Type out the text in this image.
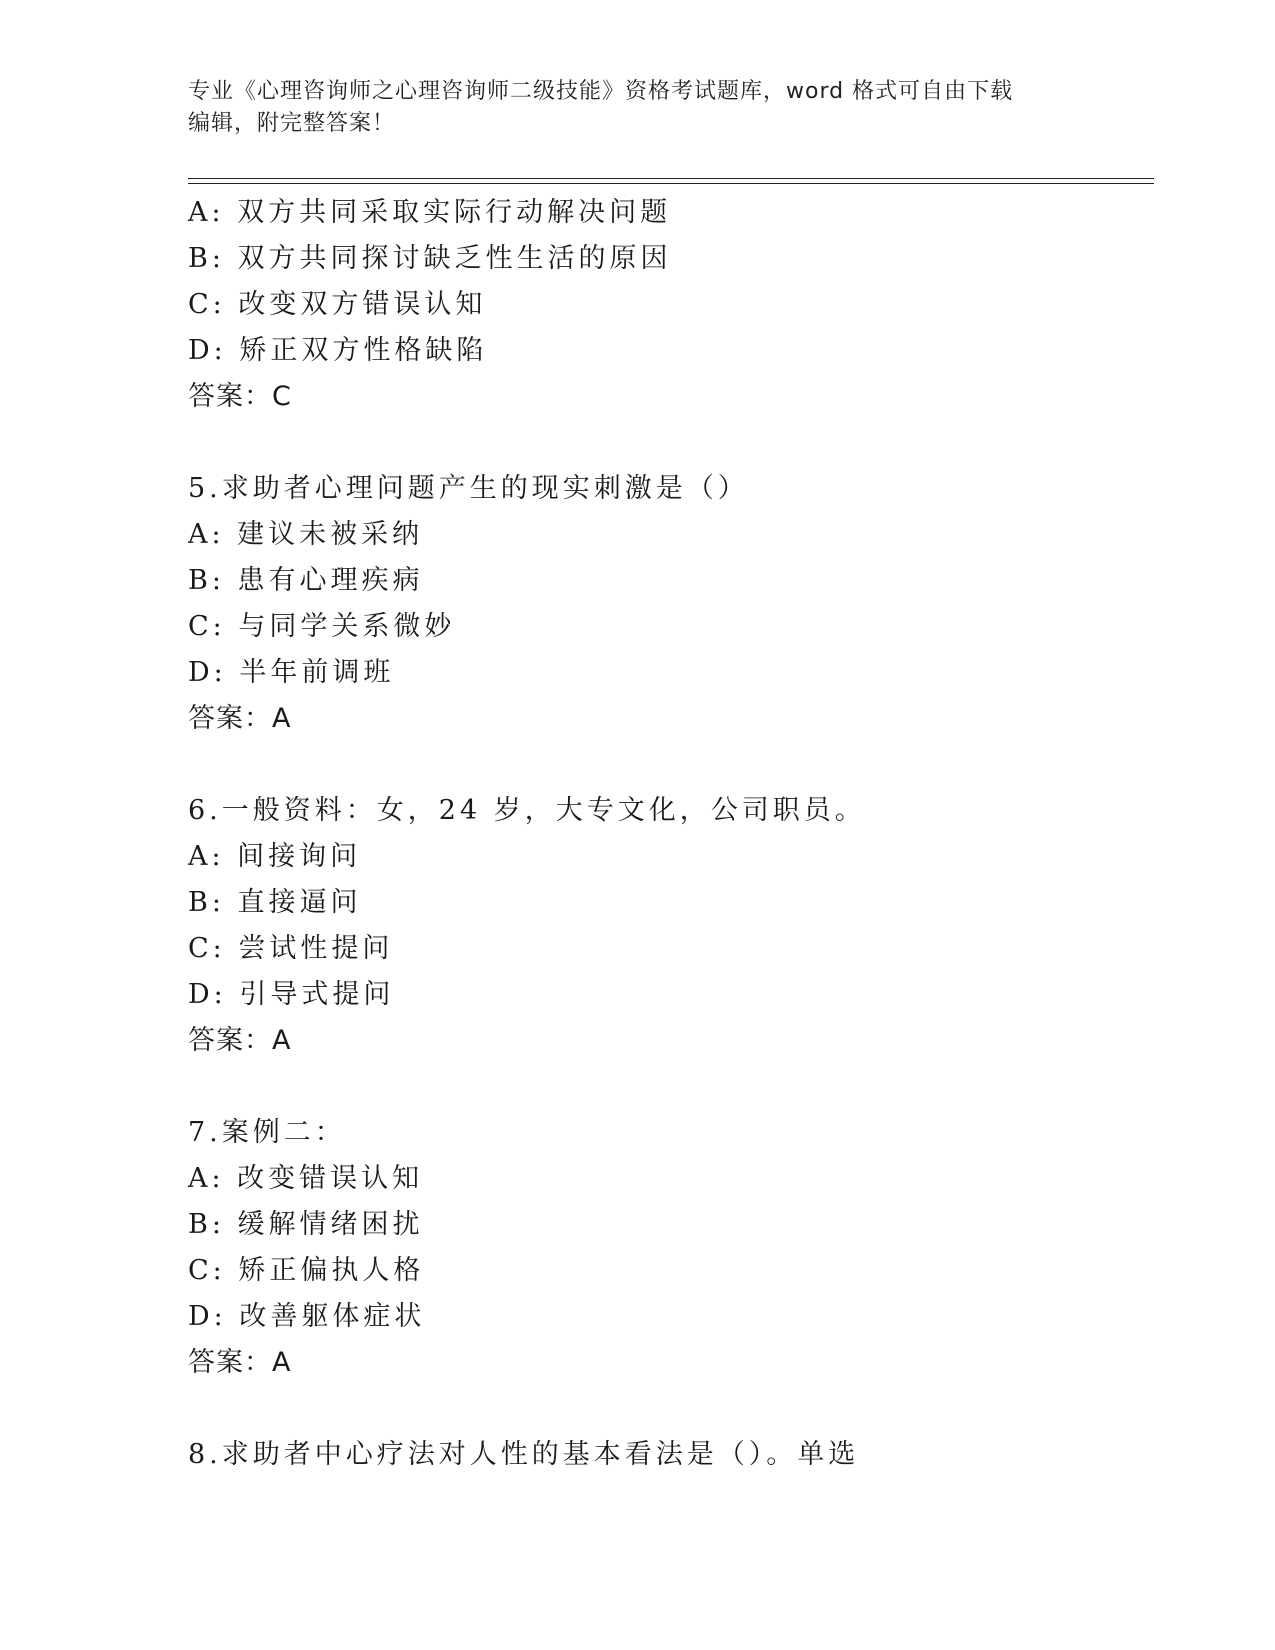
专业《心理咨询师之心理咨询师二级技能》资格考试题库，word 格式可自由下载
编辑，附完整答案！
A: 双方共同采取实际行动解决问题
B: 双方共同探讨缺乏性生活的原因
C: 改变双方错误认知
D: 矫正双方性格缺陷
答案：C
5.求助者心理问题产生的现实刺激是（）
A: 建议未被采纳
B: 患有心理疾病
C: 与同学关系微妙
D: 半年前调班
答案：A
6.一般资料：女，24 岁，大专文化，公司职员。
A: 间接询问
B: 直接逼问
C: 尝试性提问
D: 引导式提问
答案：A
7.案例二：
A: 改变错误认知
B: 缓解情绪困扰
C: 矫正偏执人格
D: 改善躯体症状
答案：A
8.求助者中心疗法对人性的基本看法是（）。单选
